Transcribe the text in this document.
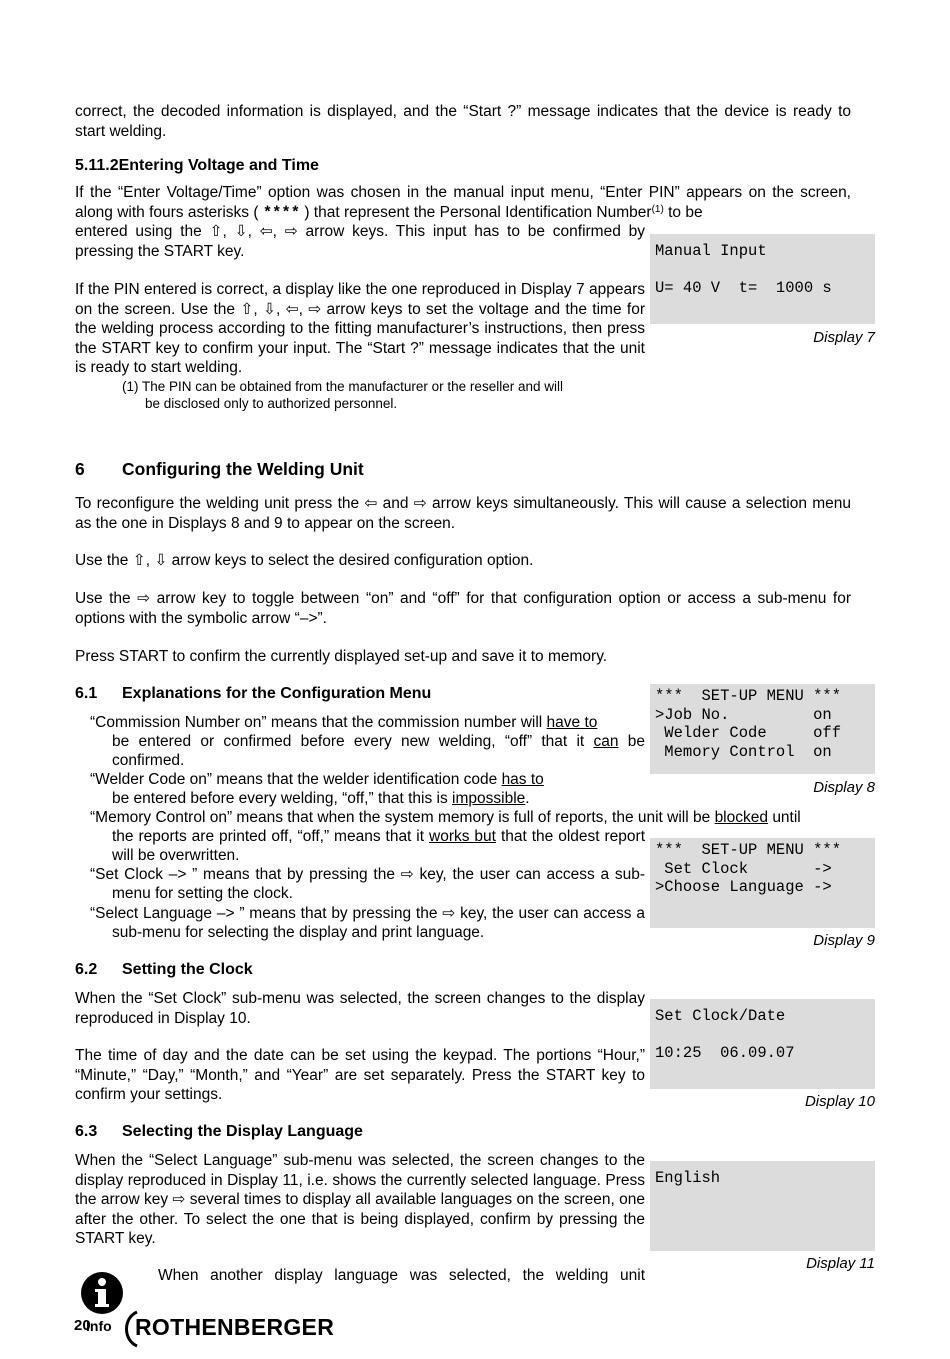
correct, the decoded information is displayed, and the “Start ?” message indicates that the device is ready to start welding.

5.11.2Entering Voltage and Time

If the “Enter Voltage/Time” option was chosen in the manual input menu, “Enter PIN” appears on the screen, along with fours asterisks ( **** ) that represent the Personal Identification Number$^{(1)}$ to be

entered using the ⇧, ⇩, ⇦, ⇨ arrow keys. This input has to be confirmed by pressing the START key.

If the PIN entered is correct, a display like the one reproduced in Display 7 appears on the screen. Use the ⇧, ⇩, ⇦, ⇨ arrow keys to set the voltage and the time for the welding process according to the fitting manufacturer’s instructions, then press the START key to confirm your input. The “Start ?” message indicates that the unit is ready to start welding.

(1) The PIN can be obtained from the manufacturer or the reseller and will
be disclosed only to authorized personnel.
Manual Input

U= 40 V  t=  1000 s
Display 7
6 Configuring the Welding Unit

To reconfigure the welding unit press the ⇦ and ⇨ arrow keys simultaneously. This will cause a selection menu as the one in Displays 8 and 9 to appear on the screen.

Use the ⇧, ⇩ arrow keys to select the desired configuration option.

Use the ⇨ arrow key to toggle between “on” and “off” for that configuration option or access a sub-menu for options with the symbolic arrow “–>”.

Press START to confirm the currently displayed set-up and save it to memory.

6.1 Explanations for the Configuration Menu
“Commission Number on” means that the commission number will have to
be entered or confirmed before every new welding, “off” that it can be confirmed.
“Welder Code on” means that the welder identification code has to
be entered before every welding, “off,” that this is impossible.
“Memory Control on” means that when the system memory is full of reports, the unit will be blocked until
the reports are printed off, “off,” means that it works but that the oldest report will be overwritten.
“Set Clock –> ” means that by pressing the ⇨ key, the user can access a sub-menu for setting the clock.
“Select Language –> ” means that by pressing the ⇨ key, the user can access a sub-menu for selecting the display and print language.
***  SET-UP MENU ***
>Job No.         on
Welder Code     off
Memory Control  on
Display 8
***  SET-UP MENU ***
Set Clock       ->
>Choose Language ->
Display 9
6.2 Setting the Clock

When the “Set Clock” sub-menu was selected, the screen changes to the display reproduced in Display 10.

The time of day and the date can be set using the keypad. The portions “Hour,” “Minute,” “Day,” “Month,” and “Year” are set separately. Press the START key to confirm your settings.

Set Clock/Date

10:25  06.09.07
Display 10
6.3 Selecting the Display Language

When the “Select Language” sub-menu was selected, the screen changes to the display reproduced in Display 11, i.e. shows the currently selected language. Press the arrow key ⇨ several times to display all available languages on the screen, one after the other. To select the one that is being displayed, confirm by pressing the START key.

English
Display 11

When another display language was selected, the welding unit

20
Info ROTHENBERGER
